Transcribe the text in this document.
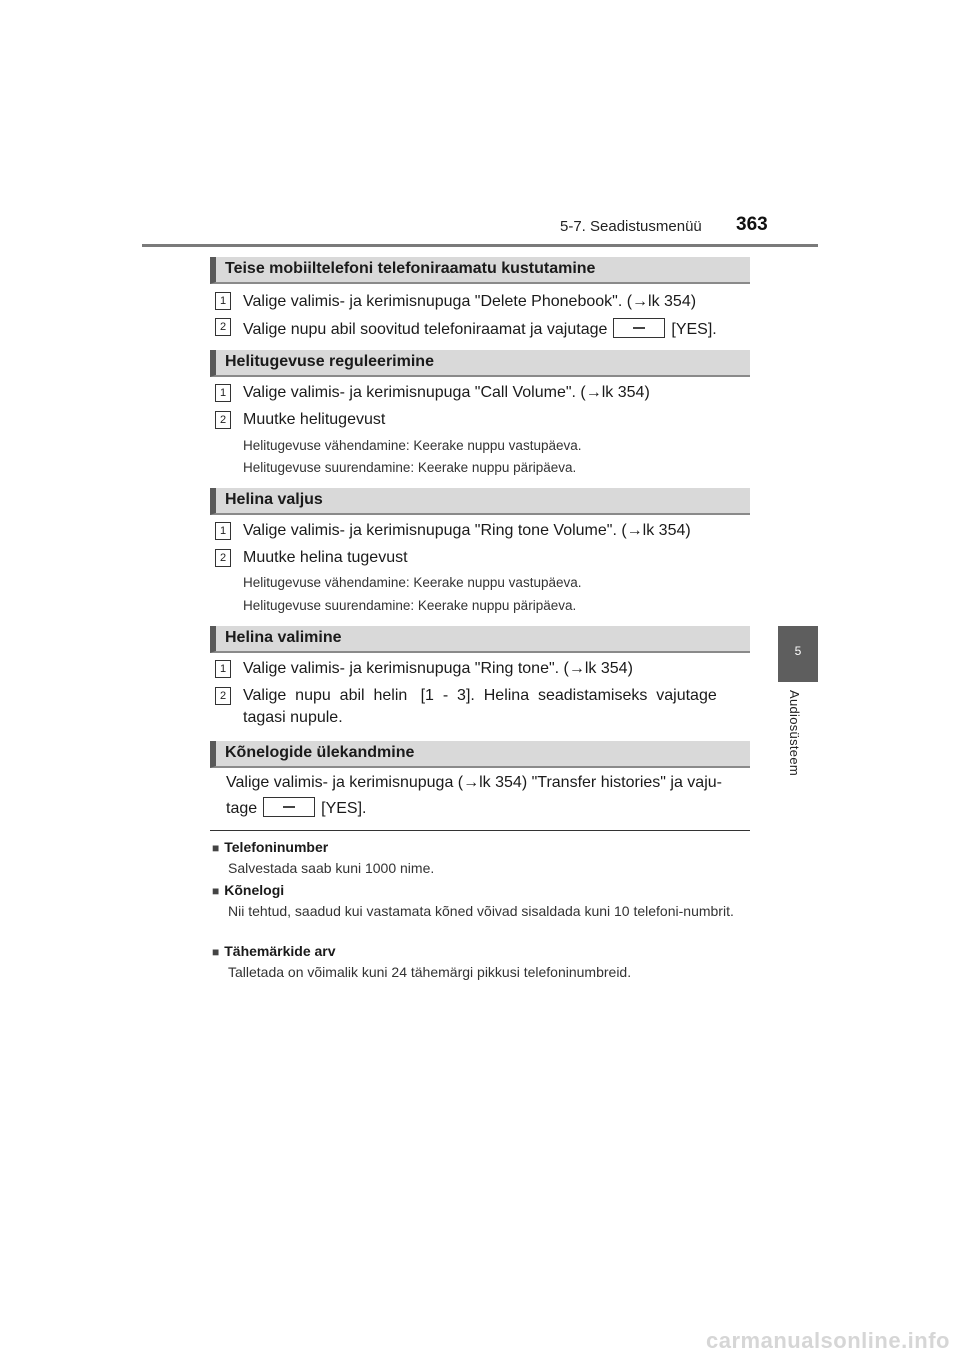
5-7. Seadistusmenüü 363
5
Audiosüsteem
Teise mobiiltelefoni telefoniraamatu kustutamine
1	Valige valimis- ja kerimisnupuga "Delete Phonebook". (→lk 354)
2	Valige nupu abil soovitud telefoniraamat ja vajutage	[YES].
Helitugevuse reguleerimine
1	Valige valimis- ja kerimisnupuga "Call Volume". (→lk 354)
2	Muutke helitugevust
Helitugevuse vähendamine: Keerake nuppu vastupäeva.
Helitugevuse suurendamine: Keerake nuppu päripäeva.
Helina valjus
1	Valige valimis- ja kerimisnupuga "Ring tone Volume". (→lk 354)
2	Muutke helina tugevust
Helitugevuse vähendamine: Keerake nuppu vastupäeva.
Helitugevuse suurendamine: Keerake nuppu päripäeva.
Helina valimine
1	Valige valimis- ja kerimisnupuga "Ring tone". (→lk 354)
2	Valige  nupu  abil  helin   [1  -  3].  Helina  seadistamiseks  vajutage
tagasi nupule.
Kõnelogide ülekandmine
Valige valimis- ja kerimisnupuga (→lk 354) "Transfer histories" ja vaju-
tage	[YES].
■ Telefoninumber
Salvestada saab kuni 1000 nime.
■ Kõnelogi
Nii tehtud, saadud kui vastamata kõned võivad sisaldada kuni 10 telefoni-numbrit.
■ Tähemärkide arv
Talletada on võimalik kuni 24 tähemärgi pikkusi telefoninumbreid.
carmanualsonline.info
